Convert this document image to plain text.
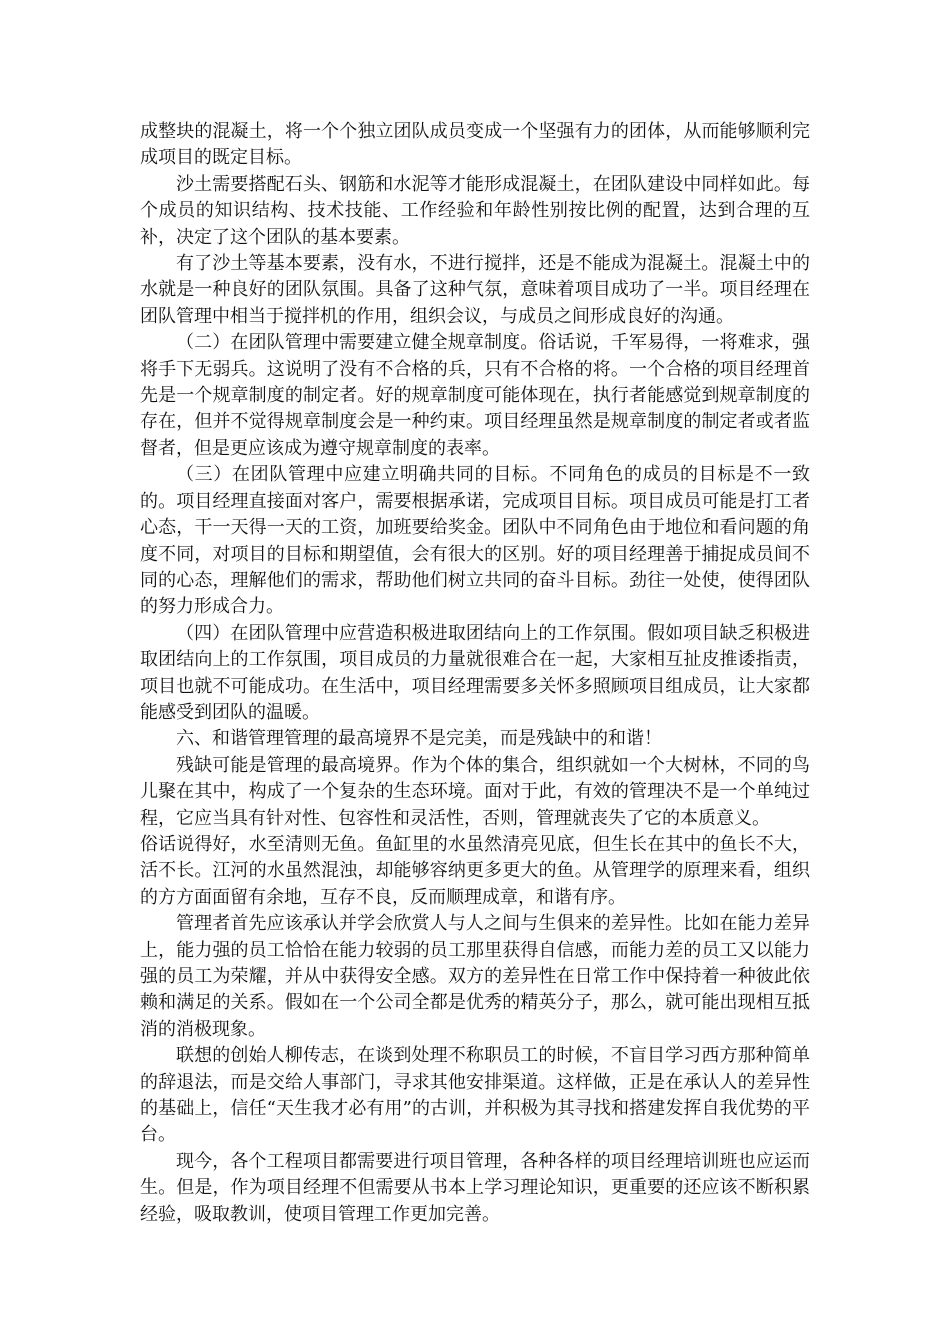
成整块的混凝土，将一个个独立团队成员变成一个坚强有力的团体，从而能够顺利完成项目的既定目标。

沙土需要搭配石头、钢筋和水泥等才能形成混凝土，在团队建设中同样如此。每个成员的知识结构、技术技能、工作经验和年龄性别按比例的配置，达到合理的互补，决定了这个团队的基本要素。

有了沙土等基本要素，没有水，不进行搅拌，还是不能成为混凝土。混凝土中的水就是一种良好的团队氛围。具备了这种气氛，意味着项目成功了一半。项目经理在团队管理中相当于搅拌机的作用，组织会议，与成员之间形成良好的沟通。

（二）在团队管理中需要建立健全规章制度。俗话说，千军易得，一将难求，强将手下无弱兵。这说明了没有不合格的兵，只有不合格的将。一个合格的项目经理首先是一个规章制度的制定者。好的规章制度可能体现在，执行者能感觉到规章制度的存在，但并不觉得规章制度会是一种约束。项目经理虽然是规章制度的制定者或者监督者，但是更应该成为遵守规章制度的表率。

（三）在团队管理中应建立明确共同的目标。不同角色的成员的目标是不一致的。项目经理直接面对客户，需要根据承诺，完成项目目标。项目成员可能是打工者心态，干一天得一天的工资，加班要给奖金。团队中不同角色由于地位和看问题的角度不同，对项目的目标和期望值，会有很大的区别。好的项目经理善于捕捉成员间不同的心态，理解他们的需求，帮助他们树立共同的奋斗目标。劲往一处使，使得团队的努力形成合力。

（四）在团队管理中应营造积极进取团结向上的工作氛围。假如项目缺乏积极进取团结向上的工作氛围，项目成员的力量就很难合在一起，大家相互扯皮推诿指责，项目也就不可能成功。在生活中，项目经理需要多关怀多照顾项目组成员，让大家都能感受到团队的温暖。

六、和谐管理管理的最高境界不是完美，而是残缺中的和谐！

残缺可能是管理的最高境界。作为个体的集合，组织就如一个大树林，不同的鸟儿聚在其中，构成了一个复杂的生态环境。面对于此，有效的管理决不是一个单纯过程，它应当具有针对性、包容性和灵活性，否则，管理就丧失了它的本质意义。

俗话说得好，水至清则无鱼。鱼缸里的水虽然清亮见底，但生长在其中的鱼长不大，活不长。江河的水虽然混浊，却能够容纳更多更大的鱼。从管理学的原理来看，组织的方方面面留有余地，互存不良，反而顺理成章，和谐有序。

管理者首先应该承认并学会欣赏人与人之间与生俱来的差异性。比如在能力差异上，能力强的员工恰恰在能力较弱的员工那里获得自信感，而能力差的员工又以能力强的员工为荣耀，并从中获得安全感。双方的差异性在日常工作中保持着一种彼此依赖和满足的关系。假如在一个公司全都是优秀的精英分子，那么，就可能出现相互抵消的消极现象。

联想的创始人柳传志，在谈到处理不称职员工的时候，不盲目学习西方那种简单的辞退法，而是交给人事部门，寻求其他安排渠道。这样做，正是在承认人的差异性的基础上，信任“天生我才必有用”的古训，并积极为其寻找和搭建发挥自我优势的平台。

现今，各个工程项目都需要进行项目管理，各种各样的项目经理培训班也应运而生。但是，作为项目经理不但需要从书本上学习理论知识，更重要的还应该不断积累经验，吸取教训，使项目管理工作更加完善。
